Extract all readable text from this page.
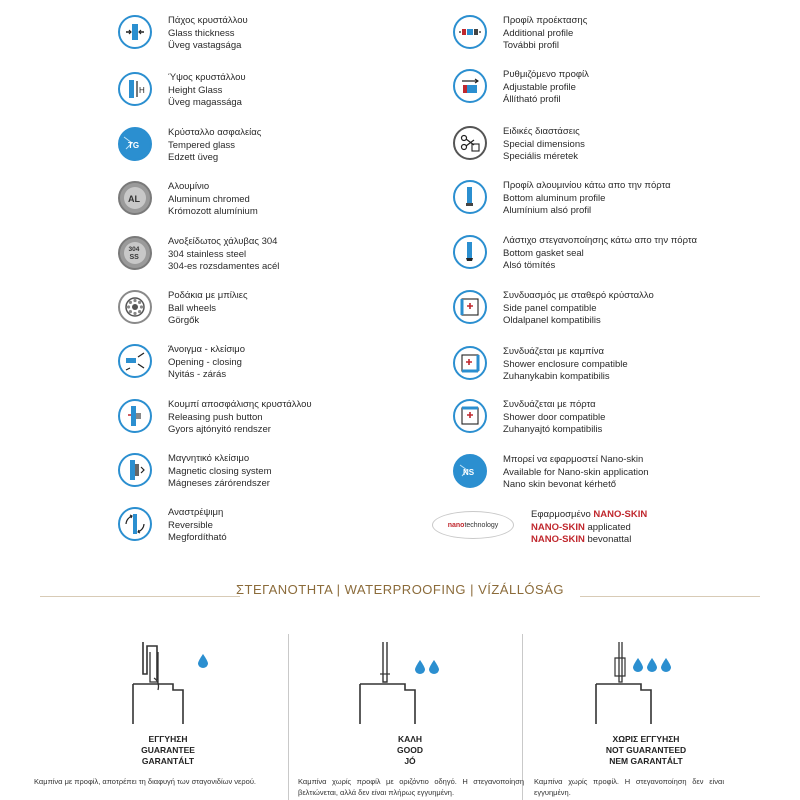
Πάχος κρυστάλλου
Glass thickness
Üveg vastagsága
H
Ύψος κρυστάλλου
Height Glass
Üveg magassága
TG
Κρύσταλλο ασφαλείας
Tempered glass
Edzett üveg
AL
Αλουμίνιο
Aluminum chromed
Krómozott alumínium
304
SS
Ανοξείδωτος χάλυβας 304
304 stainless steel
304-es rozsdamentes acél
Ροδάκια με μπίλιες
Ball wheels
Görgők
Άνοιγμα - κλείσιμο
Opening - closing
Nyitás - zárás
Κουμπί αποσφάλισης κρυστάλλου
Releasing push button
Gyors ajtónyitó rendszer
Μαγνητικό κλείσιμο
Magnetic closing system
Mágneses zárórendszer
Αναστρέψιμη
Reversible
Megfordítható
Προφίλ προέκτασης
Additional profile
További profil
Ρυθμιζόμενο προφίλ
Adjustable profile
Állítható profil
Ειδικές διαστάσεις
Special dimensions
Speciális méretek
Προφίλ αλουμινίου κάτω απο την πόρτα
Bottom aluminum profile
Alumínium alsó profil
Λάστιχο στεγανοποίησης κάτω απο την πόρτα
Bottom gasket seal
Alsó tömítés
Συνδυασμός με σταθερό κρύσταλλο
Side panel compatible
Oldalpanel kompatibilis
Συνδυάζεται με καμπίνα
Shower enclosure compatible
Zuhanykabin kompatibilis
Συνδυάζεται με πόρτα
Shower door compatible
Zuhanyajtó kompatibilis
NS
Μπορεί να εφαρμοστεί Nano-skin
Available for Nano-skin application
Nano skin bevonat kérhető
nano technology
Εφαρμοσμένο NANO-SKIN
NANO-SKIN applicated
NANO-SKIN bevonattal
ΣΤΕΓΑΝΟΤΗΤΑ | WATERPROOFING | VÍZÁLLÓSÁG
ΕΓΓΥΗΣΗ
GUARANTEE
GARANTÁLT
Καμπίνα με προφίλ, αποτρέπει τη διαφυγή των σταγονιδίων νερού.
ΚΑΛΗ
GOOD
JÓ
Καμπίνα χωρίς προφίλ με οριζόντιο οδηγό. Η στεγανοποίηση βελτιώνεται, αλλά δεν είναι πλήρως εγγυημένη.
ΧΩΡΙΣ ΕΓΓΥΗΣΗ
NOT GUARANTEED
NEM GARANTÁLT
Καμπίνα χωρίς προφίλ. Η στεγανοποίηση δεν είναι εγγυημένη.
